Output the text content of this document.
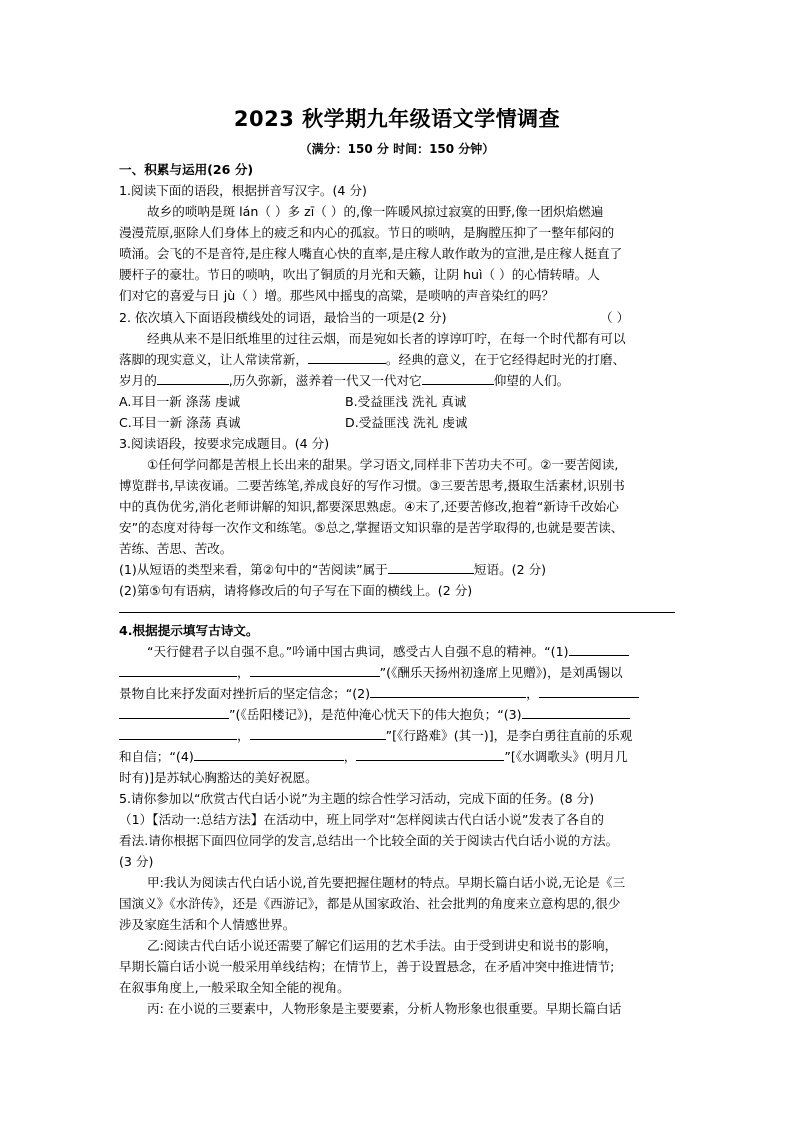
2023 秋学期九年级语文学情调查
（满分：150 分 时间：150 分钟）
一、积累与运用(26 分)
1.阅读下面的语段，根据拼音写汉字。(4 分)
故乡的唢呐是斑 lán（ ）多 zī（ ）的,像一阵暖风掠过寂寞的田野,像一团炽焰燃遍
漫漫荒原,驱除人们身体上的疲乏和内心的孤寂。节日的唢呐，是胸膛压抑了一整年郁闷的
喷涌。会飞的不是音符,是庄稼人嘴直心快的直率,是庄稼人敢作敢为的宣泄,是庄稼人挺直了
腰杆子的豪壮。节日的唢呐，吹出了铜质的月光和天籁，让阴 huì（ ）的心情转晴。人
们对它的喜爱与日 jù（ ）增。那些风中摇曳的高粱，是唢呐的声音染红的吗？
2. 依次填入下面语段横线处的词语，最恰当的一项是(2 分)	（ ）
经典从来不是旧纸堆里的过往云烟，而是宛如长者的谆谆叮咛，在每一个时代都有可以
落脚的现实意义，让人常读常新，	。经典的意义，在于它经得起时光的打磨、
岁月的	,历久弥新，滋养着一代又一代对它	仰望的人们。
A.耳目一新 涤荡 虔诚	B.受益匪浅 洗礼 真诚
C.耳目一新 涤荡 真诚	D.受益匪浅 洗礼 虔诚
3.阅读语段，按要求完成题目。(4 分)
①任何学问都是苦根上长出来的甜果。学习语文,同样非下苦功夫不可。②一要苦阅读,
博览群书,早读夜诵。二要苦练笔,养成良好的写作习惯。③三要苦思考,摄取生活素材,识别书
中的真伪优劣,消化老师讲解的知识,都要深思熟虑。④末了,还要苦修改,抱着“新诗千改始心
安”的态度对待每一次作文和练笔。⑤总之,掌握语文知识靠的是苦学取得的,也就是要苦读、
苦练、苦思、苦改。
(1)从短语的类型来看，第②句中的“苦阅读”属于	短语。(2 分)
(2)第⑤句有语病，请将修改后的句子写在下面的横线上。(2 分)
4.根据提示填写古诗文。
“天行健君子以自强不息。”吟诵中国古典词，感受古人自强不息的精神。“(1)
，	”(《酬乐天扬州初逢席上见赠》)，是刘禹锡以
景物自比来抒发面对挫折后的坚定信念；“(2)	，
”(《岳阳楼记》)，是范仲淹心忧天下的伟大抱负；“(3)
，	”[《行路难》(其一)]，是李白勇往直前的乐观
和自信；“(4)	，	”[《水调歌头》(明月几
时有)]是苏轼心胸豁达的美好祝愿。
5.请你参加以“欣赏古代白话小说”为主题的综合性学习活动，完成下面的任务。(8 分)
（1）【活动一:总结方法】在活动中，班上同学对“怎样阅读古代白话小说”发表了各自的
看法.请你根据下面四位同学的发言,总结出一个比较全面的关于阅读古代白话小说的方法。
(3 分)
甲:我认为阅读古代白话小说,首先要把握住题材的特点。早期长篇白话小说,无论是《三
国演义》《水浒传》，还是《西游记》，都是从国家政治、社会批判的角度来立意构思的,很少
涉及家庭生活和个人情感世界。
乙:阅读古代白话小说还需要了解它们运用的艺术手法。由于受到讲史和说书的影响，
早期长篇白话小说一般采用单线结构；在情节上，善于设置悬念，在矛盾冲突中推进情节;
在叙事角度上,一般采取全知全能的视角。
丙: 在小说的三要素中，人物形象是主要要素，分析人物形象也很重要。早期长篇白话
